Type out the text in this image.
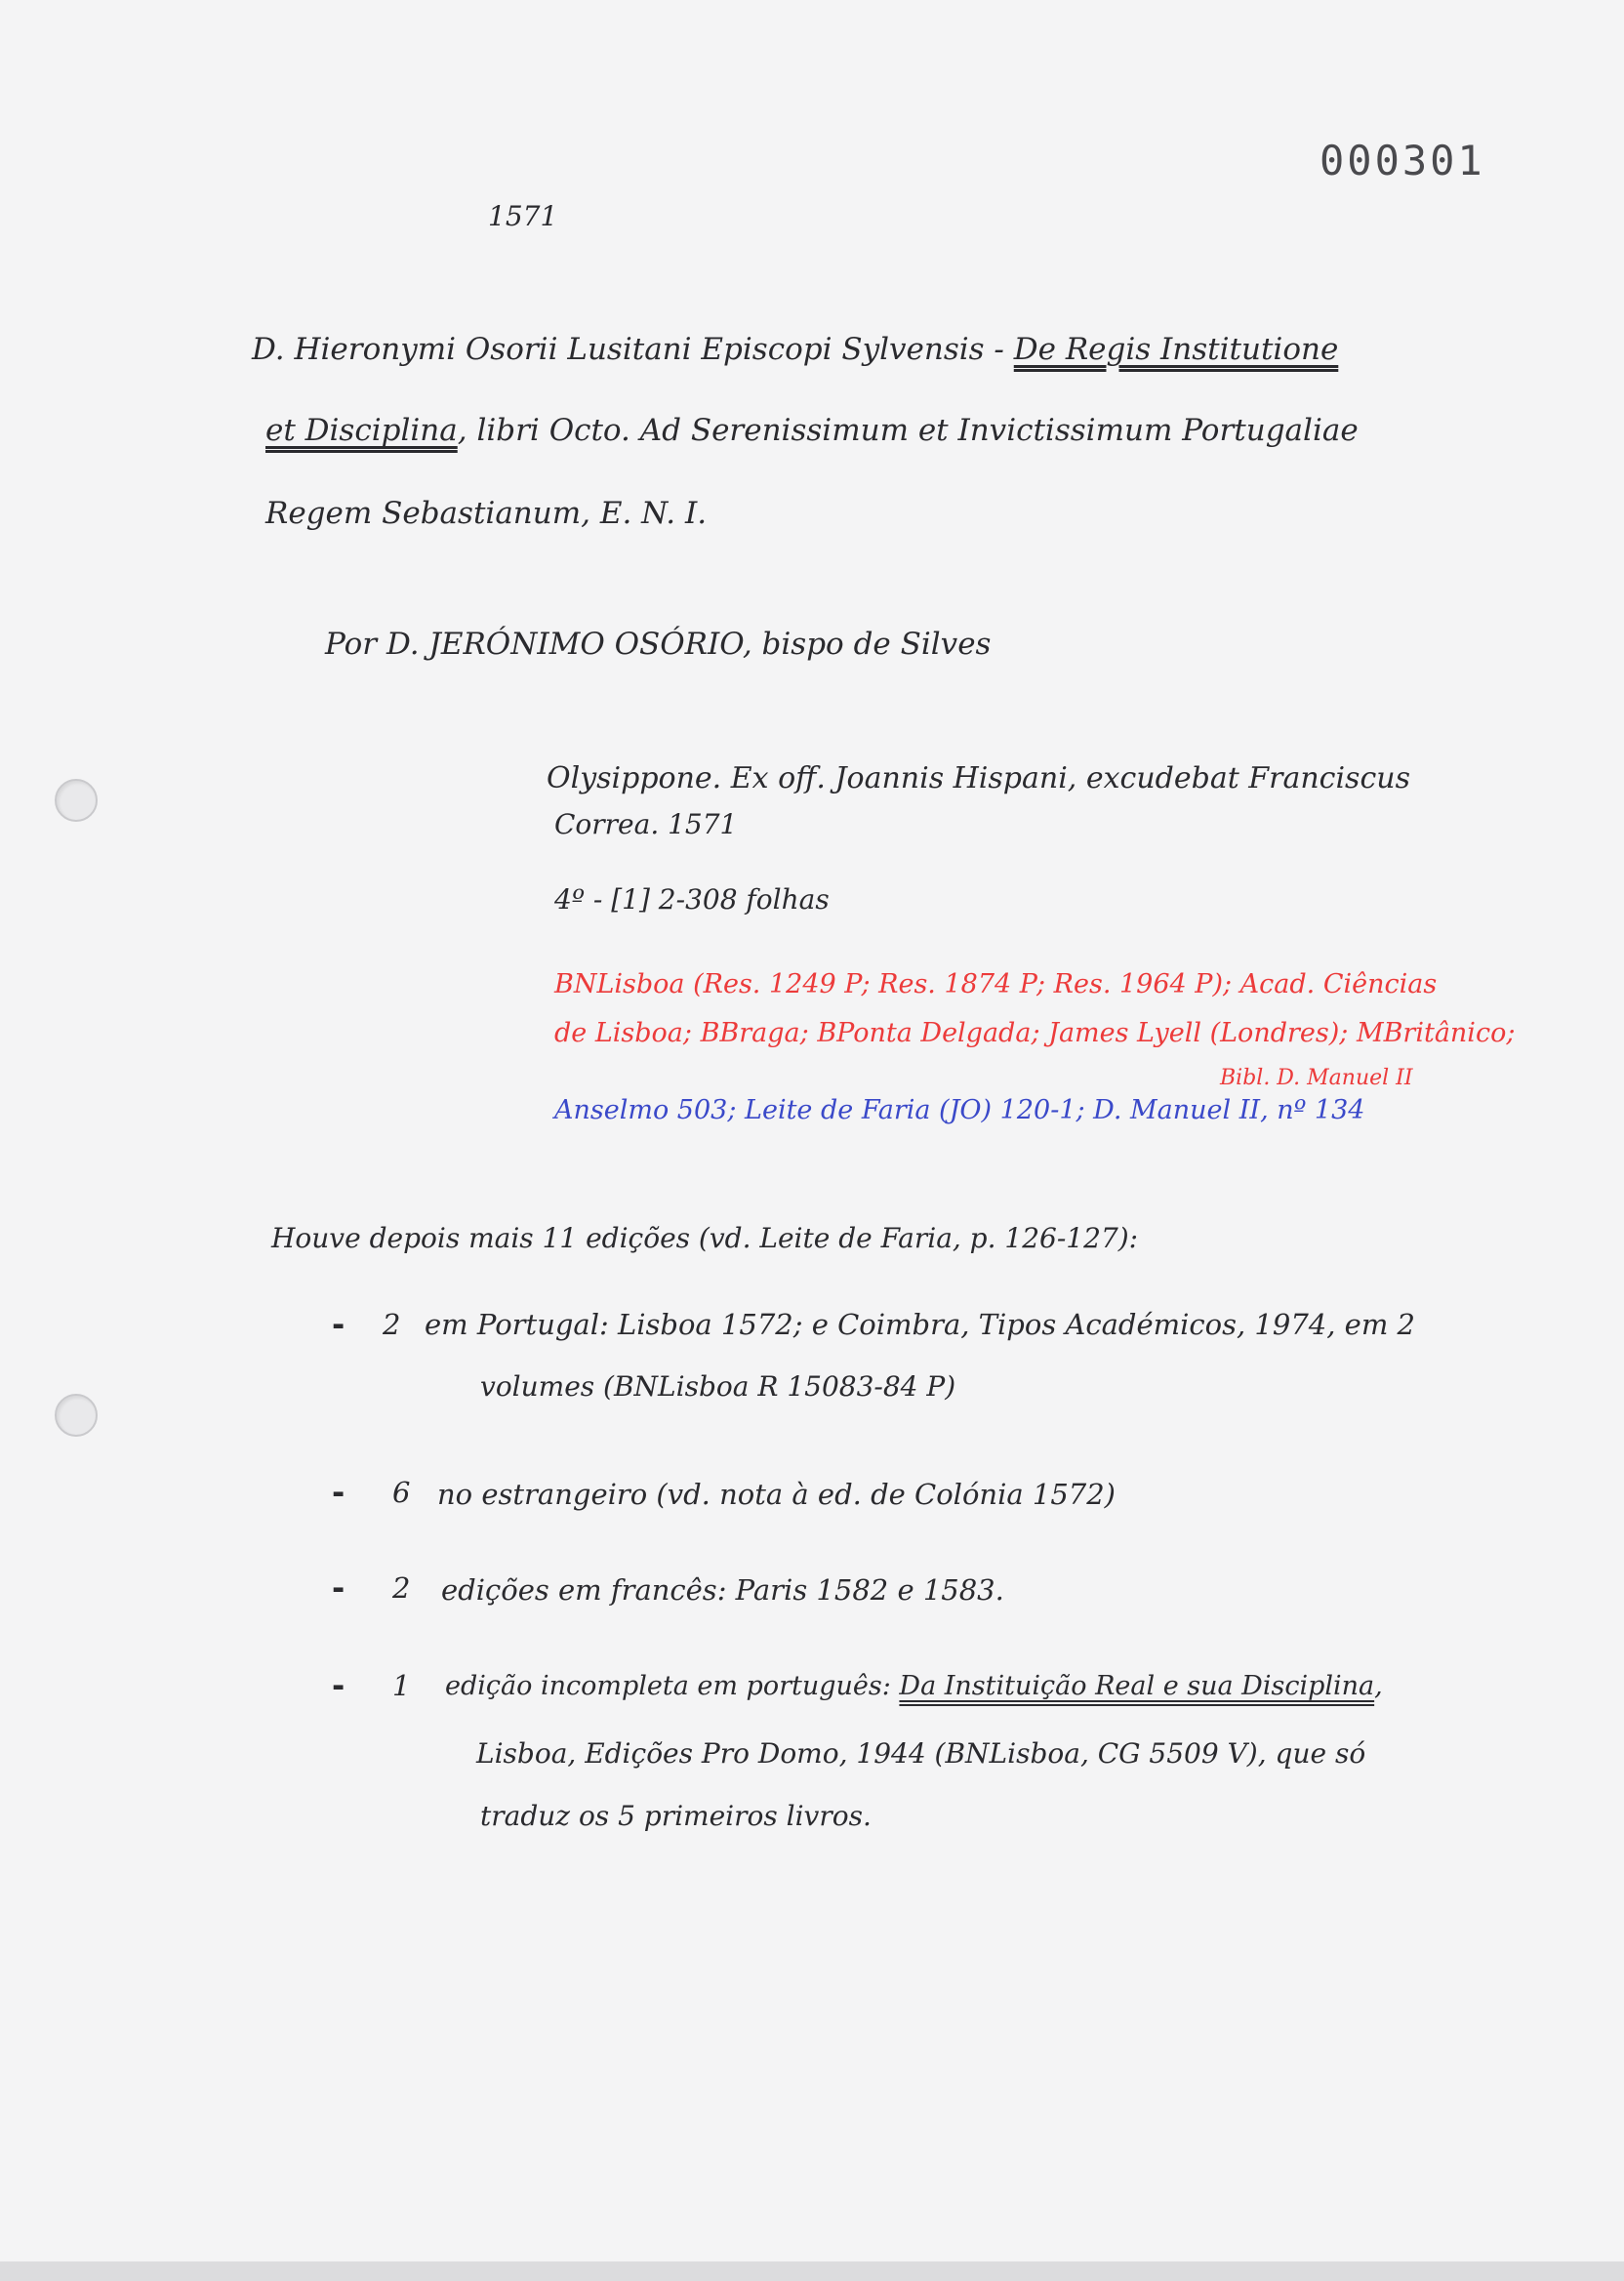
000301
1571
D. Hieronymi Osorii Lusitani Episcopi Sylvensis - De Regis Institutione
et Disciplina, libri Octo. Ad Serenissimum et Invictissimum Portugaliae
Regem Sebastianum, E. N. I.
Por D. JERÓNIMO OSÓRIO, bispo de Silves
Olysippone. Ex off. Joannis Hispani, excudebat Franciscus
Correa. 1571
4º - [1] 2-308 folhas
BNLisboa (Res. 1249 P; Res. 1874 P; Res. 1964 P); Acad. Ciências
de Lisboa; BBraga; BPonta Delgada; James Lyell (Londres); MBritânico;
Bibl. D. Manuel II
Anselmo 503; Leite de Faria (JO) 120-1; D. Manuel II, nº 134
Houve depois mais 11 edições (vd. Leite de Faria, p. 126-127):
- 2 em Portugal: Lisboa 1572; e Coimbra, Tipos Académicos, 1974, em 2
volumes (BNLisboa R 15083-84 P)
- 6 no estrangeiro (vd. nota à ed. de Colónia 1572)
- 2 edições em francês: Paris 1582 e 1583.
- 1 edição incompleta em português: Da Instituição Real e sua Disciplina,
Lisboa, Edições Pro Domo, 1944 (BNLisboa, CG 5509 V), que só
traduz os 5 primeiros livros.
